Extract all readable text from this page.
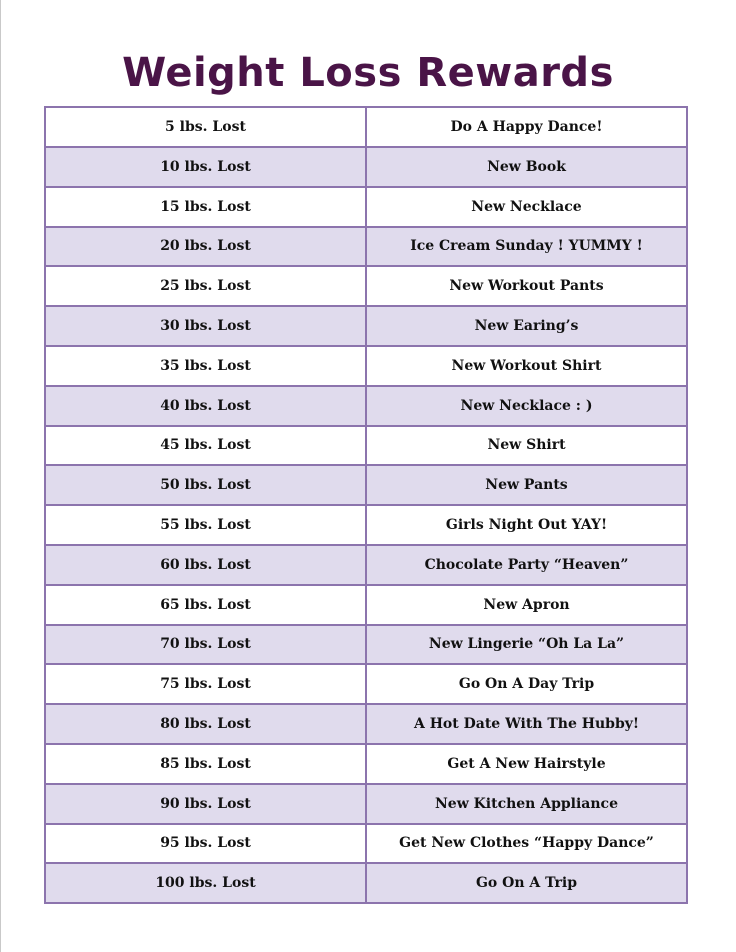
Weight Loss Rewards
5 lbs. Lost	Do A Happy Dance!
10 lbs. Lost	New Book
15 lbs. Lost	New Necklace
20 lbs. Lost	Ice Cream Sunday ! YUMMY !
25 lbs. Lost	New Workout Pants
30 lbs. Lost	New Earing’s
35 lbs. Lost	New Workout Shirt
40 lbs. Lost	New Necklace : )
45 lbs. Lost	New Shirt
50 lbs. Lost	New Pants
55 lbs. Lost	Girls Night Out YAY!
60 lbs. Lost	Chocolate Party “Heaven”
65 lbs. Lost	New Apron
70 lbs. Lost	New Lingerie “Oh La La”
75 lbs. Lost	Go On A Day Trip
80 lbs. Lost	A Hot Date With The Hubby!
85 lbs. Lost	Get A New Hairstyle
90 lbs. Lost	New Kitchen Appliance
95 lbs. Lost	Get New Clothes “Happy Dance”
100 lbs. Lost	Go On A Trip
